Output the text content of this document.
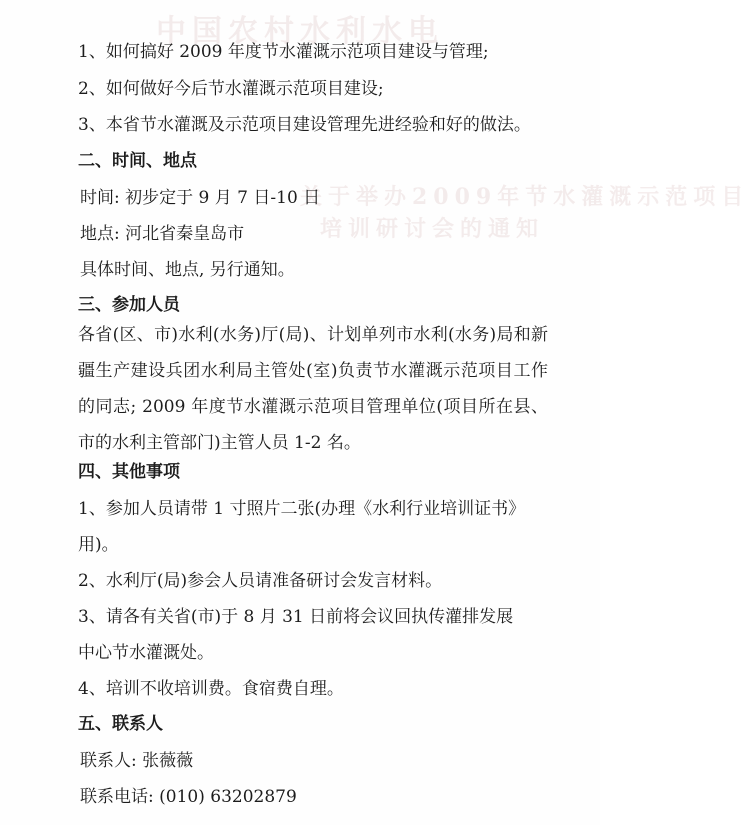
中国农村水利水电
关于举办2009年节水灌溉示范项目
培训研讨会的通知
1、如何搞好 2009 年度节水灌溉示范项目建设与管理;
2、如何做好今后节水灌溉示范项目建设;
3、本省节水灌溉及示范项目建设管理先进经验和好的做法。
二、时间、地点
时间: 初步定于 9 月 7 日-10 日
地点: 河北省秦皇岛市
具体时间、地点, 另行通知。
三、参加人员
各省(区、市)水利(水务)厅(局)、计划单列市水利(水务)局和新疆生产建设兵团水利局主管处(室)负责节水灌溉示范项目工作的同志; 2009 年度节水灌溉示范项目管理单位(项目所在县、市的水利主管部门)主管人员 1-2 名。
四、其他事项
1、参加人员请带 1 寸照片二张(办理《水利行业培训证书》
用)。
2、水利厅(局)参会人员请准备研讨会发言材料。
3、请各有关省(市)于 8 月 31 日前将会议回执传灌排发展
中心节水灌溉处。
4、培训不收培训费。食宿费自理。
五、联系人
联系人: 张薇薇
联系电话: (010) 63202879
